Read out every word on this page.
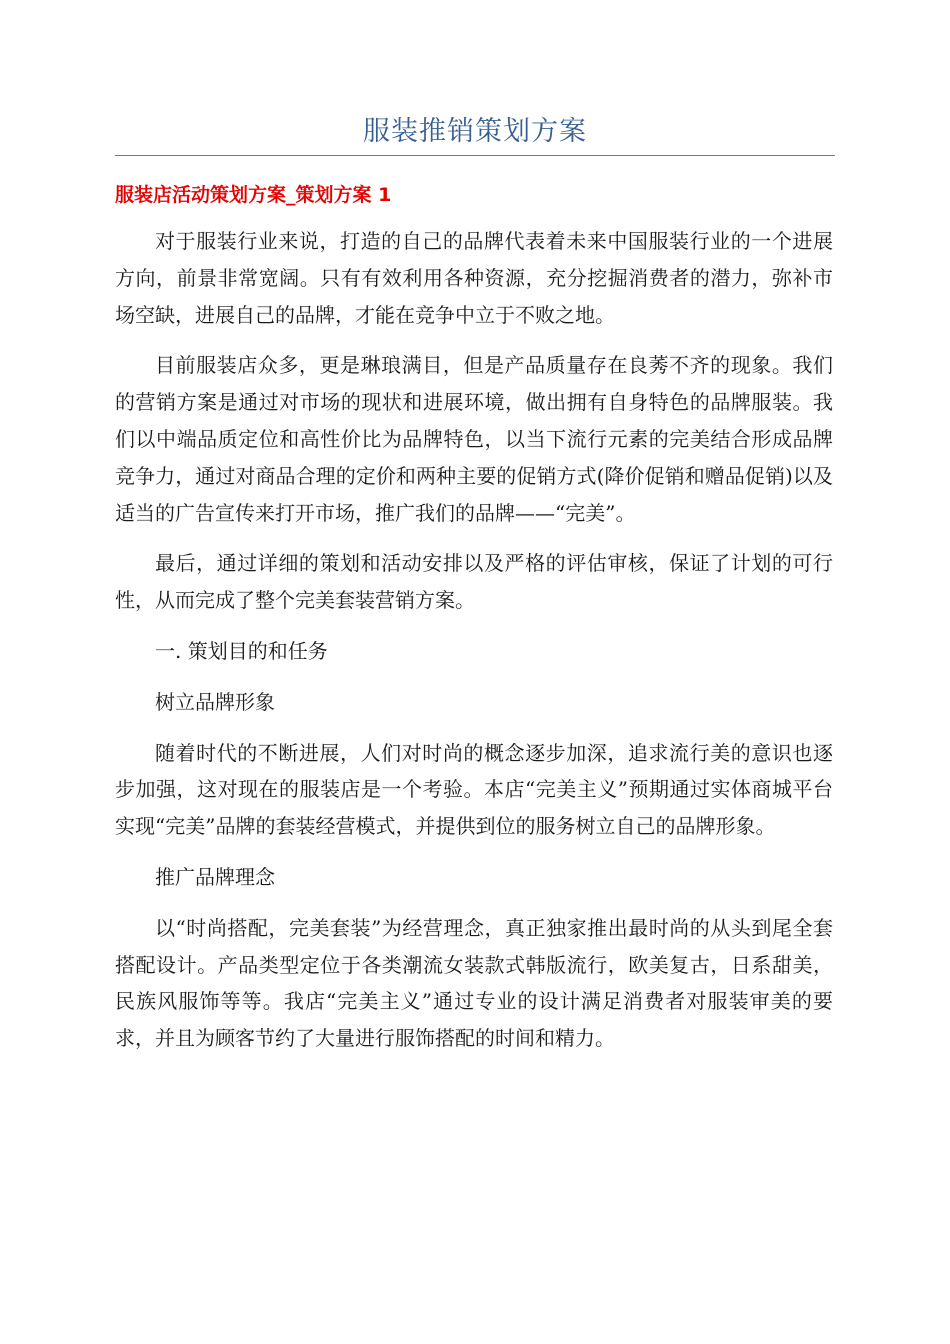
服装推销策划方案
服装店活动策划方案_策划方案 1

对于服装行业来说，打造的自己的品牌代表着未来中国服装行业的一个进展方向，前景非常宽阔。只有有效利用各种资源，充分挖掘消费者的潜力，弥补市场空缺，进展自己的品牌，才能在竞争中立于不败之地。

目前服装店众多，更是琳琅满目，但是产品质量存在良莠不齐的现象。我们的营销方案是通过对市场的现状和进展环境，做出拥有自身特色的品牌服装。我们以中端品质定位和高性价比为品牌特色，以当下流行元素的完美结合形成品牌竞争力，通过对商品合理的定价和两种主要的促销方式(降价促销和赠品促销)以及适当的广告宣传来打开市场，推广我们的品牌——“完美”。

最后，通过详细的策划和活动安排以及严格的评估审核，保证了计划的可行性，从而完成了整个完美套装营销方案。

一. 策划目的和任务

树立品牌形象

随着时代的不断进展，人们对时尚的概念逐步加深，追求流行美的意识也逐步加强，这对现在的服装店是一个考验。本店“完美主义”预期通过实体商城平台实现“完美”品牌的套装经营模式，并提供到位的服务树立自己的品牌形象。

推广品牌理念

以“时尚搭配，完美套装”为经营理念，真正独家推出最时尚的从头到尾全套搭配设计。产品类型定位于各类潮流女装款式韩版流行，欧美复古，日系甜美，民族风服饰等等。我店“完美主义”通过专业的设计满足消费者对服装审美的要求，并且为顾客节约了大量进行服饰搭配的时间和精力。
